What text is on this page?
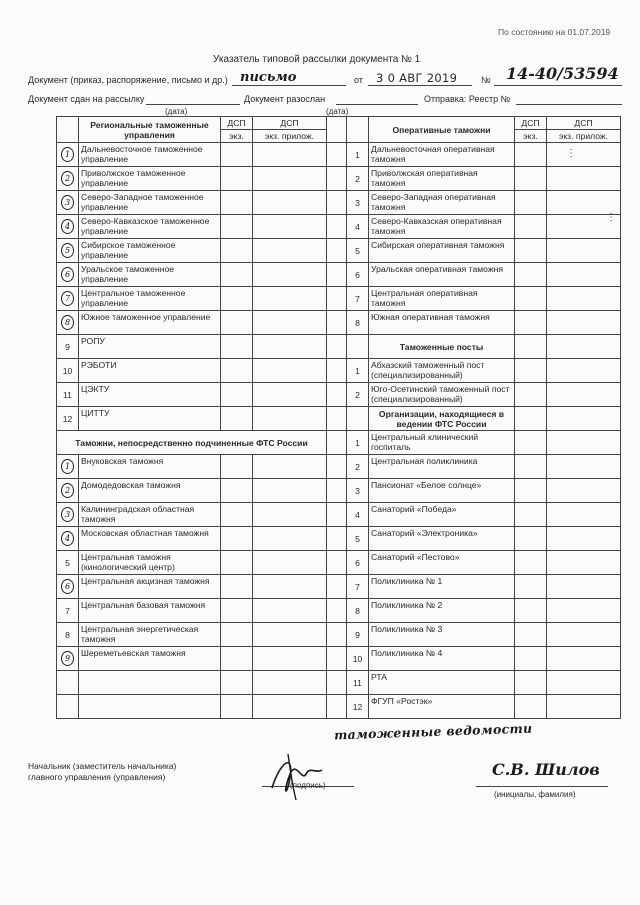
По состоянию на 01.07.2019
Указатель типовой рассылки документа № 1
Документ (приказ, распоряжение, письмо и др.) письмо	от 3 0 АВГ 2019	№ 14-40/53594
Документ сдан на рассылку	Документ разослан	Отправка: Реестр №
(дата)	(дата)
	Региональные таможенные управления	ДСП	ДСП			Оперативные таможни	ДСП	ДСП
		экз.	экз. прилож.				экз.	экз. прилож.
1	Дальневосточное таможенное управление				1	Дальневосточная оперативная таможня		
2	Приволжское таможенное управление				2	Приволжская оперативная таможня		
3	Северо-Западное таможенное управление				3	Северо-Западная оперативная таможня		
4	Северо-Кавказское таможенное управление				4	Северо-Кавказская оперативная таможня		
5	Сибирское таможенное управление				5	Сибирская оперативная таможня		
6	Уральское таможенное управление				6	Уральская оперативная таможня		
7	Центральное таможенное управление				7	Центральная оперативная таможня		
8	Южное таможенное управление				8	Южная оперативная таможня		
9	РОПУ					Таможенные посты		
10	РЭБОТИ				1	Абхазский таможенный пост (специализированный)		
11	ЦЭКТУ				2	Юго-Осетинский таможенный пост (специализированный)		
12	ЦИТТУ					Организации, находящиеся в ведении ФТС России		
Таможни, непосредственно подчиненные ФТС России					1	Центральный клинический госпиталь		
1	Внуковская таможня				2	Центральная поликлиника		
2	Домодедовская таможня				3	Пансионат «Белое солнце»		
3	Калининградская областная таможня				4	Санаторий «Победа»		
4	Московская областная таможня				5	Санаторий «Электроника»		
5	Центральная таможня (кинологический центр)				6	Санаторий «Пестово»		
6	Центральная акцизная таможня				7	Поликлиника № 1		
7	Центральная базовая таможня				8	Поликлиника № 2		
8	Центральная энергетическая таможня				9	Поликлиника № 3		
9	Шереметьевская таможня				10	Поликлиника № 4		
					11	РТА		
					12	ФГУП «Ростэк»		
таможенные ведомости
Начальник (заместитель начальника)
главного управления (управления)
(подпись)
С.В. Шилов
(инициалы, фамилия)
⋮
⋮
